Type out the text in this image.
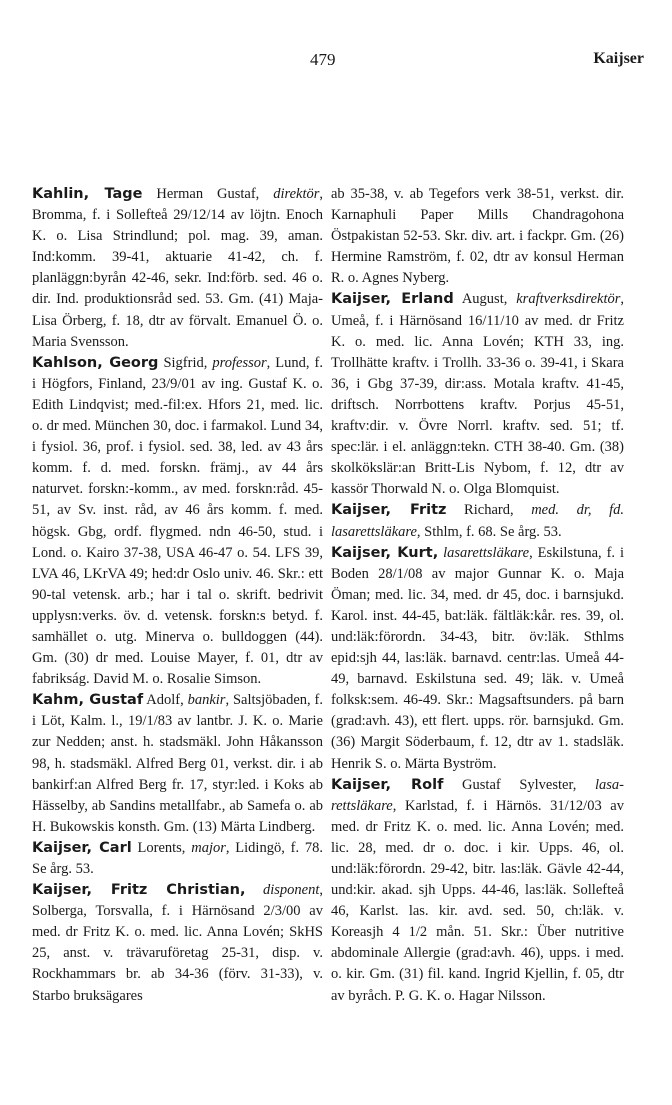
479	Kaijser

Kahlin, Tage Herman Gustaf, direktör, Bromma, f. i Sollefteå 29/12/14 av löjtn. Enoch K. o. Lisa Strindlund; pol. mag. 39, aman. Ind:komm. 39-41, aktuarie 41-42, ch. f. planläggn:byrån 42-46, sekr. Ind:förb. sed. 46 o. dir. Ind. produktionsråd sed. 53. Gm. (41) Maja-Lisa Örberg, f. 18, dtr av förvalt. Emanuel Ö. o. Maria Svensson.

Kahlson, Georg Sigfrid, professor, Lund, f. i Högfors, Finland, 23/9/01 av ing. Gustaf K. o. Edith Lindqvist; med.-fil:ex. Hfors 21, med. lic. o. dr med. München 30, doc. i farmakol. Lund 34, i fysiol. 36, prof. i fysiol. sed. 38, led. av 43 års komm. f. d. med. forskn. främj., av 44 års naturvet. forskn:-komm., av med. forskn:råd. 45-51, av Sv. inst. råd, av 46 års komm. f. med. högsk. Gbg, ordf. flygmed. ndn 46-50, stud. i Lond. o. Kairo 37-38, USA 46-47 o. 54. LFS 39, LVA 46, LKrVA 49; hed:dr Oslo univ. 46. Skr.: ett 90-tal vetensk. arb.; har i tal o. skrift. bedrivit upplysn:verks. öv. d. vetensk. forskn:s betyd. f. samhället o. utg. Minerva o. bulldoggen (44). Gm. (30) dr med. Louise Mayer, f. 01, dtr av fabrikság. David M. o. Rosalie Simson.

Kahm, Gustaf Adolf, bankir, Saltsjöbaden, f. i Löt, Kalm. l., 19/1/83 av lantbr. J. K. o. Marie zur Nedden; anst. h. stadsmäkl. John Håkansson 98, h. stadsmäkl. Alfred Berg 01, verkst. dir. i ab bankirf:an Alfred Berg fr. 17, styr:led. i Koks ab Hässelby, ab Sandins metallfabr., ab Samefa o. ab H. Bukowskis konsth. Gm. (13) Märta Lindberg.

Kaijser, Carl Lorents, major, Lidingö, f. 78. Se årg. 53.

Kaijser, Fritz Christian, disponent, Solberga, Torsvalla, f. i Härnösand 2/3/00 av med. dr Fritz K. o. med. lic. Anna Lovén; SkHS 25, anst. v. trävaruföretag 25-31, disp. v. Rockhammars br. ab 34-36 (förv. 31-33), v. Starbo bruksägares

ab 35-38, v. ab Tegefors verk 38-51, verkst. dir. Karnaphuli Paper Mills Chandragohona Östpakistan 52-53. Skr. div. art. i fackpr. Gm. (26) Hermine Ramström, f. 02, dtr av konsul Herman R. o. Agnes Nyberg.

Kaijser, Erland August, kraftverksdirektör, Umeå, f. i Härnösand 16/11/10 av med. dr Fritz K. o. med. lic. Anna Lovén; KTH 33, ing. Trollhätte kraftv. i Trollh. 33-36 o. 39-41, i Skara 36, i Gbg 37-39, dir:ass. Motala kraftv. 41-45, driftsch. Norrbottens kraftv. Porjus 45-51, kraftv:dir. v. Övre Norrl. kraftv. sed. 51; tf. spec:lär. i el. anläggn:tekn. CTH 38-40. Gm. (38) skolkökslär:an Britt-Lis Nybom, f. 12, dtr av kassör Thorwald N. o. Olga Blomquist.

Kaijser, Fritz Richard, med. dr, fd. lasarettsläkare, Sthlm, f. 68. Se årg. 53.

Kaijser, Kurt, lasarettsläkare, Eskilstuna, f. i Boden 28/1/08 av major Gunnar K. o. Maja Öman; med. lic. 34, med. dr 45, doc. i barnsjukd. Karol. inst. 44-45, bat:läk. fältläk:kår. res. 39, ol. und:läk:förordn. 34-43, bitr. öv:läk. Sthlms epid:sjh 44, las:läk. barnavd. centr:las. Umeå 44-49, barnavd. Eskilstuna sed. 49; läk. v. Umeå folksk:sem. 46-49. Skr.: Magsaftsunders. på barn (grad:avh. 43), ett flert. upps. rör. barnsjukd. Gm. (36) Margit Söderbaum, f. 12, dtr av 1. stadsläk. Henrik S. o. Märta Byström.

Kaijser, Rolf Gustaf Sylvester, lasarettsläkare, Karlstad, f. i Härnös. 31/12/03 av med. dr Fritz K. o. med. lic. Anna Lovén; med. lic. 28, med. dr o. doc. i kir. Upps. 46, ol. und:läk:förordn. 29-42, bitr. las:läk. Gävle 42-44, und:kir. akad. sjh Upps. 44-46, las:läk. Sollefteå 46, Karlst. las. kir. avd. sed. 50, ch:läk. v. Koreasjh 4 1/2 mån. 51. Skr.: Über nutritive abdominale Allergie (grad:avh. 46), upps. i med. o. kir. Gm. (31) fil. kand. Ingrid Kjellin, f. 05, dtr av byråch. P. G. K. o. Hagar Nilsson.
